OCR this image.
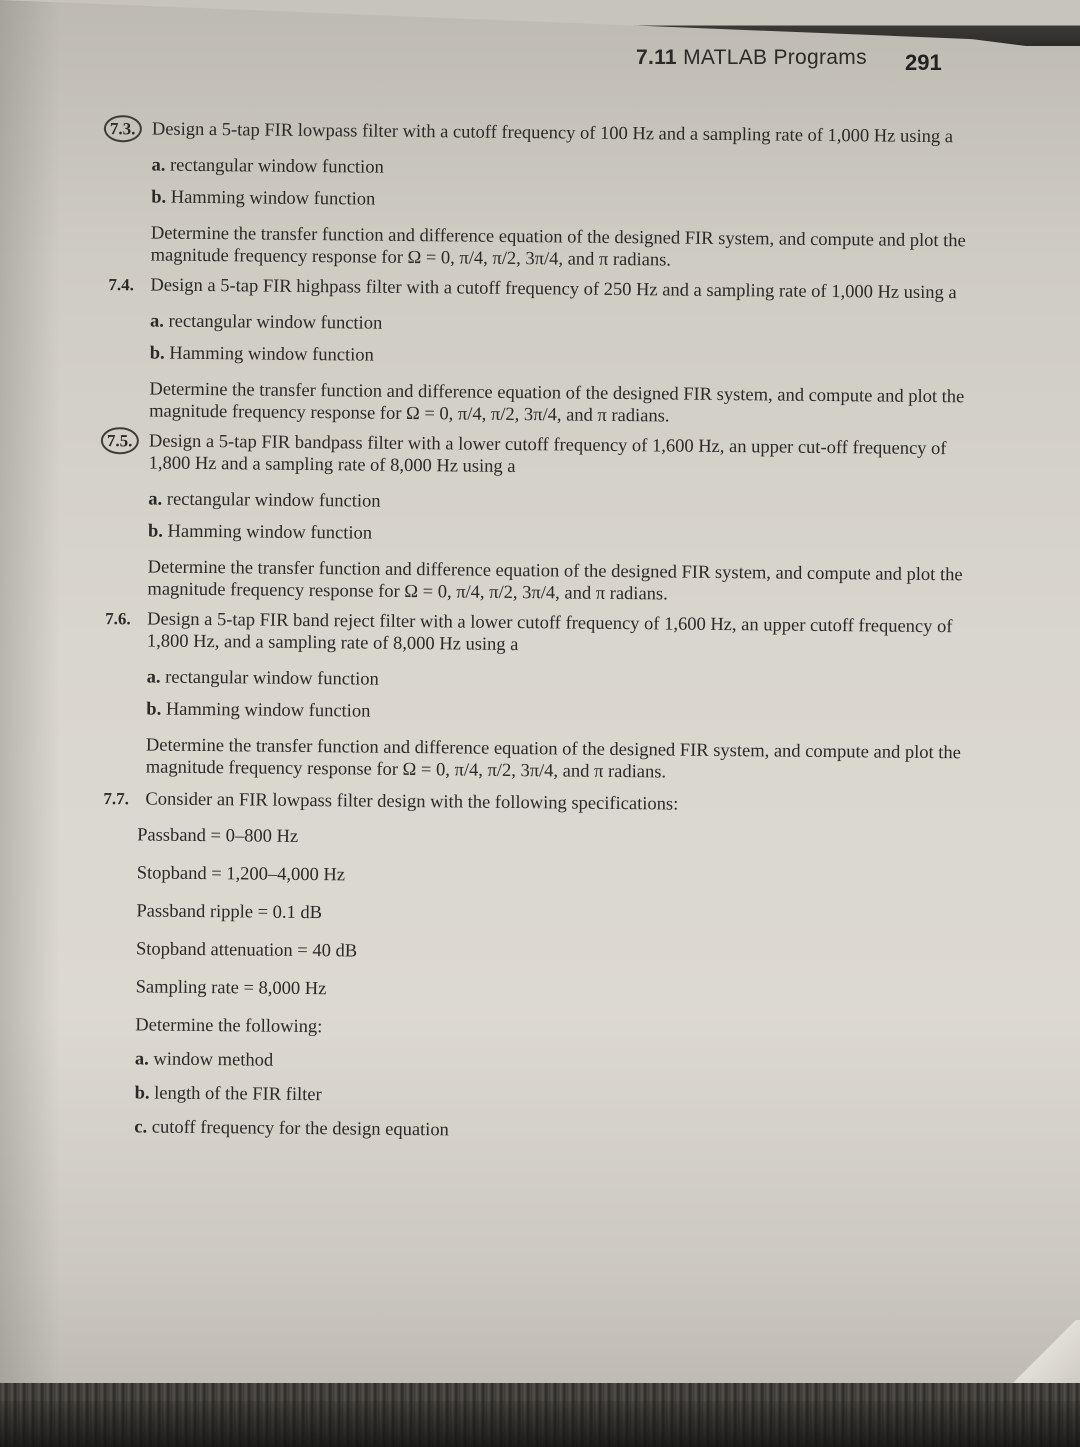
7.11 MATLAB Programs 291
7.3. Design a 5-tap FIR lowpass filter with a cutoff frequency of 100 Hz and a sampling rate of 1,000 Hz using a
a. rectangular window function
b. Hamming window function
Determine the transfer function and difference equation of the designed FIR system, and compute and plot the magnitude frequency response for Ω = 0, π/4, π/2, 3π/4, and π radians.
7.4. Design a 5-tap FIR highpass filter with a cutoff frequency of 250 Hz and a sampling rate of 1,000 Hz using a
a. rectangular window function
b. Hamming window function
Determine the transfer function and difference equation of the designed FIR system, and compute and plot the magnitude frequency response for Ω = 0, π/4, π/2, 3π/4, and π radians.
7.5. Design a 5-tap FIR bandpass filter with a lower cutoff frequency of 1,600 Hz, an upper cut-off frequency of 1,800 Hz and a sampling rate of 8,000 Hz using a
a. rectangular window function
b. Hamming window function
Determine the transfer function and difference equation of the designed FIR system, and compute and plot the magnitude frequency response for Ω = 0, π/4, π/2, 3π/4, and π radians.
7.6. Design a 5-tap FIR band reject filter with a lower cutoff frequency of 1,600 Hz, an upper cutoff frequency of 1,800 Hz, and a sampling rate of 8,000 Hz using a
a. rectangular window function
b. Hamming window function
Determine the transfer function and difference equation of the designed FIR system, and compute and plot the magnitude frequency response for Ω = 0, π/4, π/2, 3π/4, and π radians.
7.7. Consider an FIR lowpass filter design with the following specifications:
Passband = 0–800 Hz
Stopband = 1,200–4,000 Hz
Passband ripple = 0.1 dB
Stopband attenuation = 40 dB
Sampling rate = 8,000 Hz
Determine the following:
a. window method
b. length of the FIR filter
c. cutoff frequency for the design equation
